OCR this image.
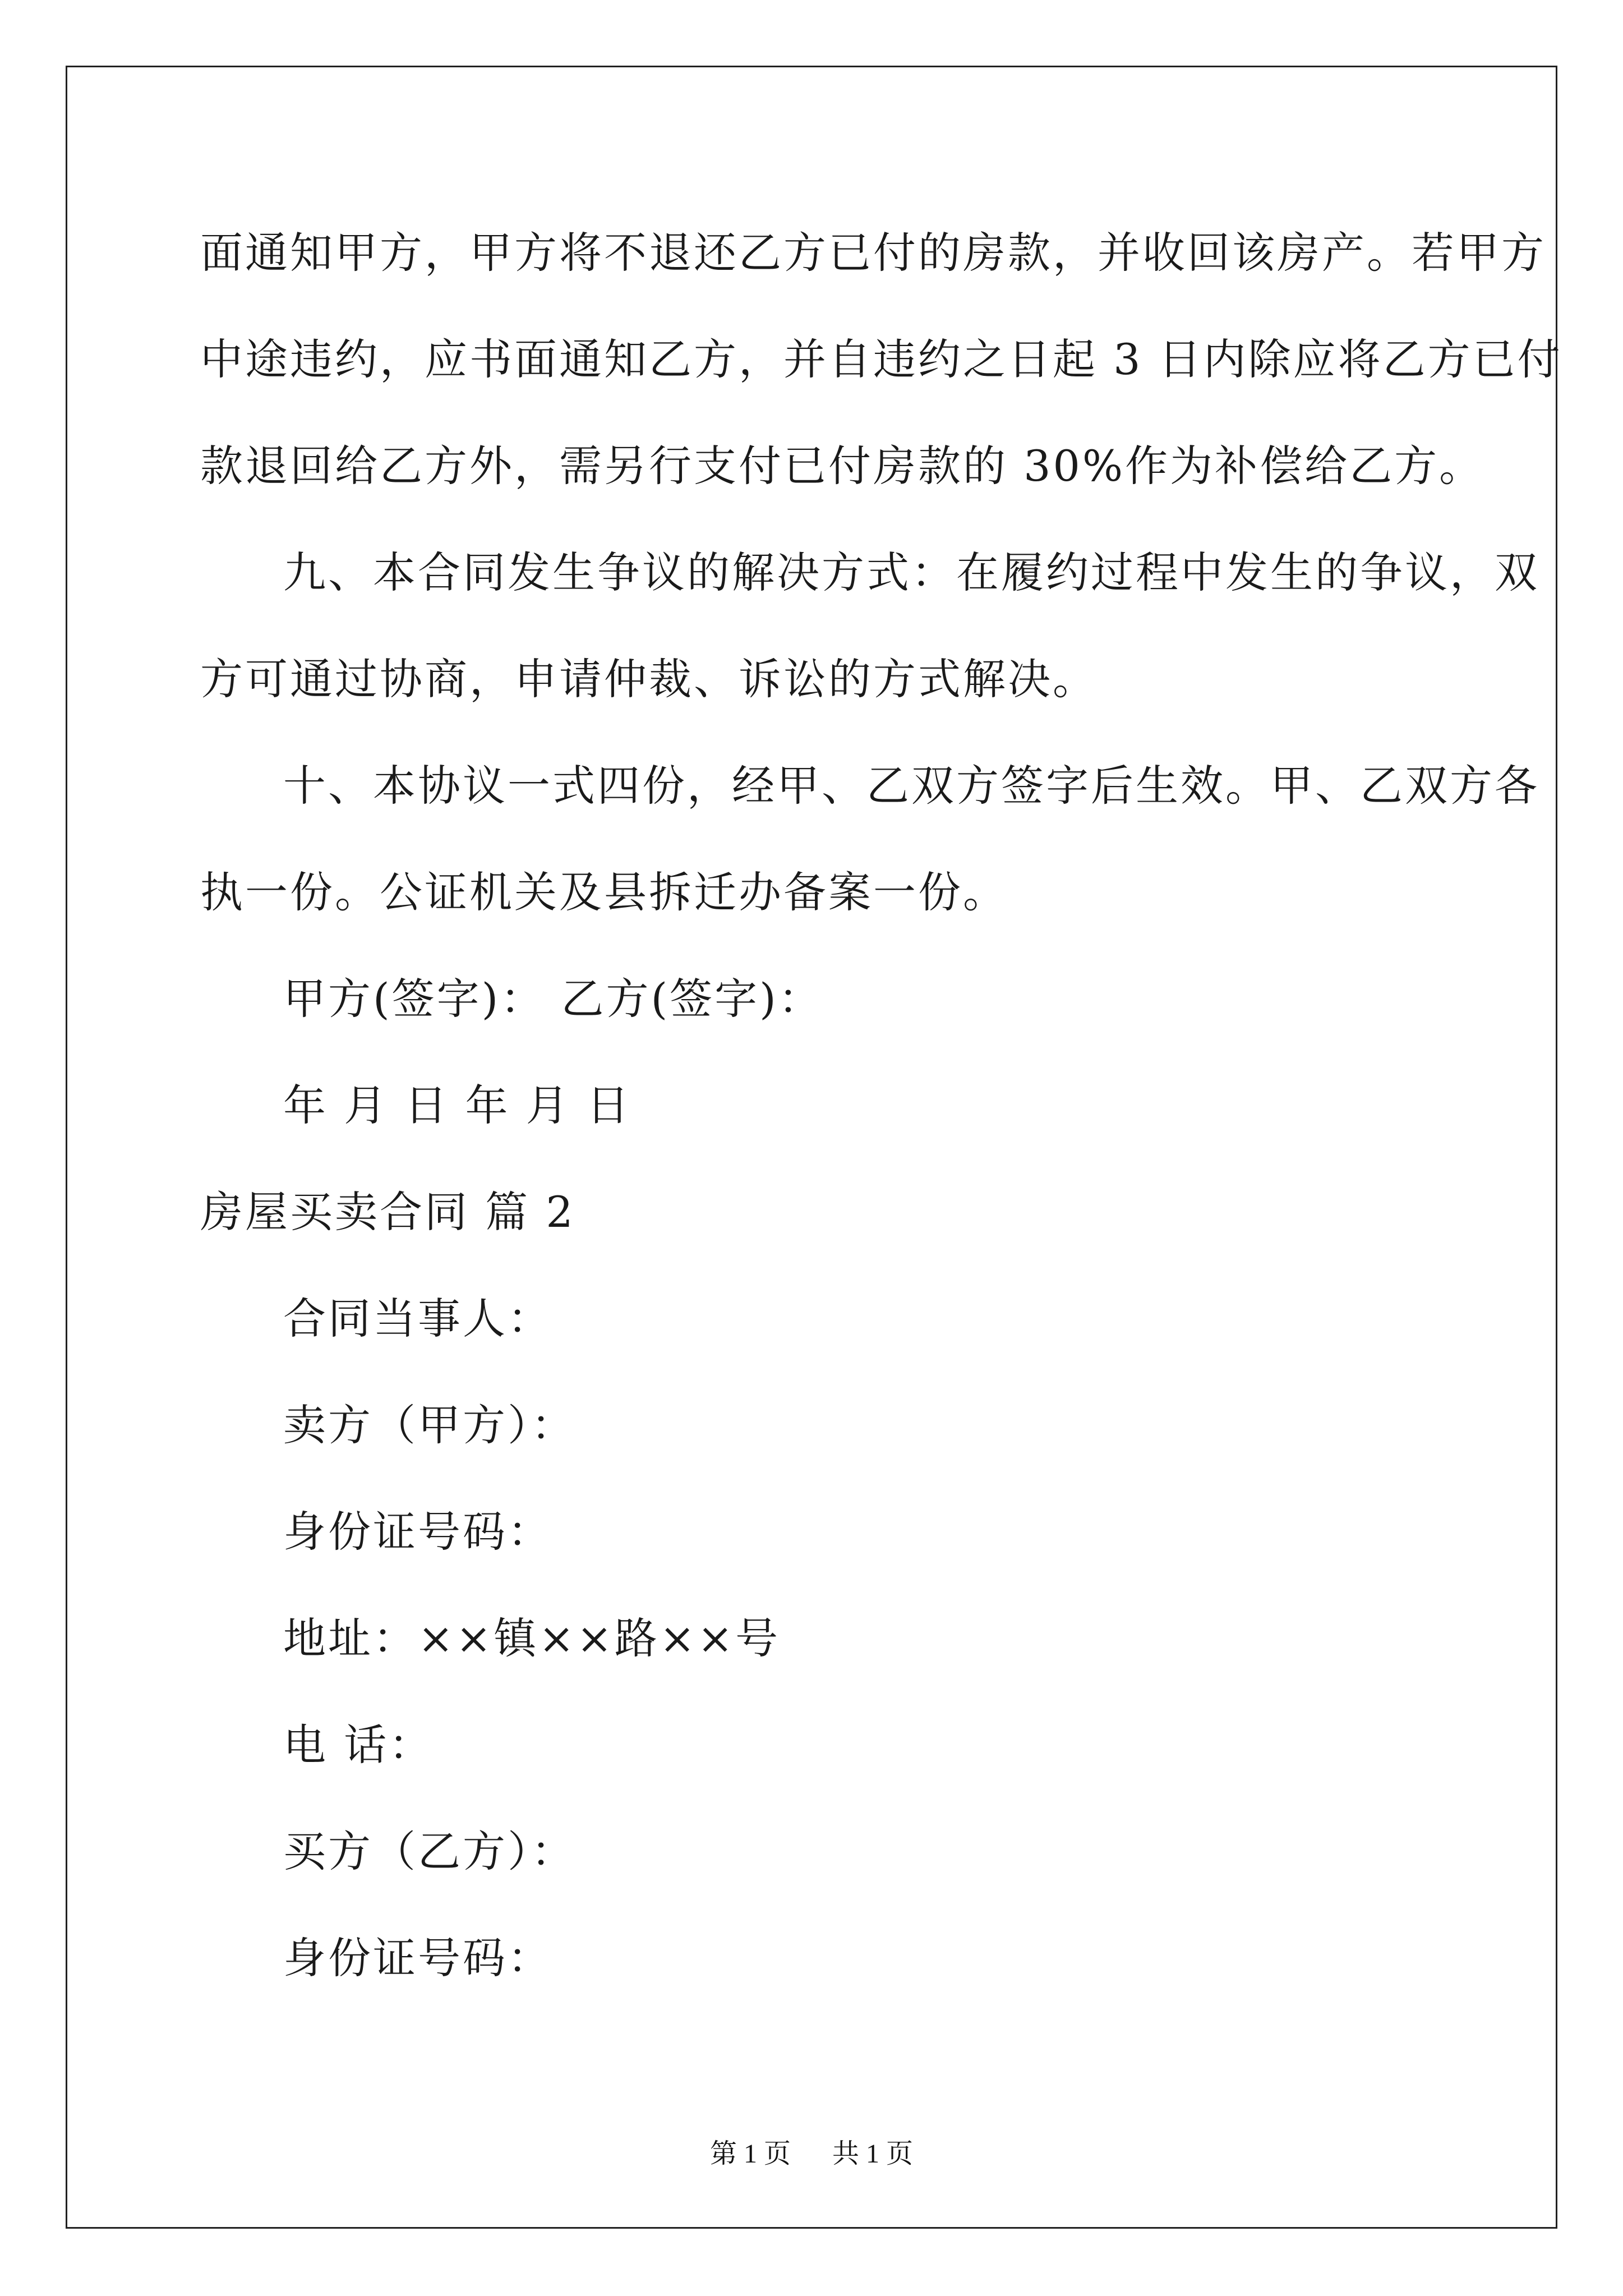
面通知甲方，甲方将不退还乙方已付的房款，并收回该房产。若甲方
中途违约，应书面通知乙方，并自违约之日起 3 日内除应将乙方已付
款退回给乙方外，需另行支付已付房款的 30%作为补偿给乙方。
九、本合同发生争议的解决方式：在履约过程中发生的争议，双
方可通过协商，申请仲裁、诉讼的方式解决。
十、本协议一式四份，经甲、乙双方签字后生效。甲、乙双方各
执一份。公证机关及县拆迁办备案一份。
甲方(签字)： 乙方(签字)：
年 月 日 年 月 日
房屋买卖合同 篇 2
合同当事人：
卖方（甲方）：
身份证号码：
地址：××镇××路××号
电 话：
买方（乙方）：
身份证号码：
第 1 页 共 1 页
